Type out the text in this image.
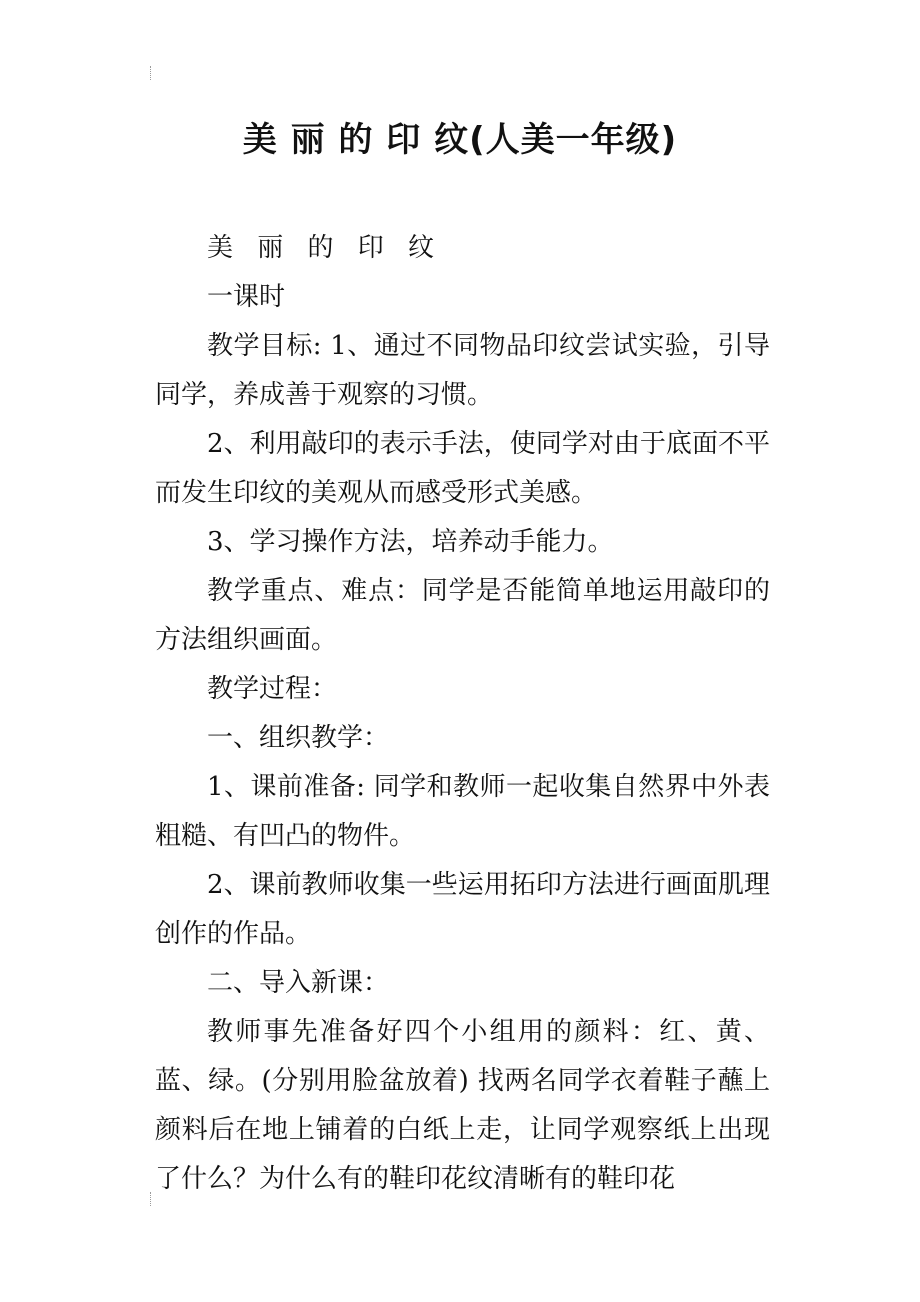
美 丽 的 印 纹(人美一年级)

美 丽 的 印 纹

一课时

教学目标: 1、通过不同物品印纹尝试实验，引导同学，养成善于观察的习惯。

2、利用敲印的表示手法，使同学对由于底面不平而发生印纹的美观从而感受形式美感。

3、学习操作方法，培养动手能力。

教学重点、难点：同学是否能简单地运用敲印的方法组织画面。

教学过程：

一、组织教学：

1、课前准备: 同学和教师一起收集自然界中外表粗糙、有凹凸的物件。

2、课前教师收集一些运用拓印方法进行画面肌理创作的作品。

二、导入新课：

教师事先准备好四个小组用的颜料：红、黄、蓝、绿。(分别用脸盆放着) 找两名同学衣着鞋子蘸上颜料后在地上铺着的白纸上走，让同学观察纸上出现了什么？为什么有的鞋印花纹清晰有的鞋印花
